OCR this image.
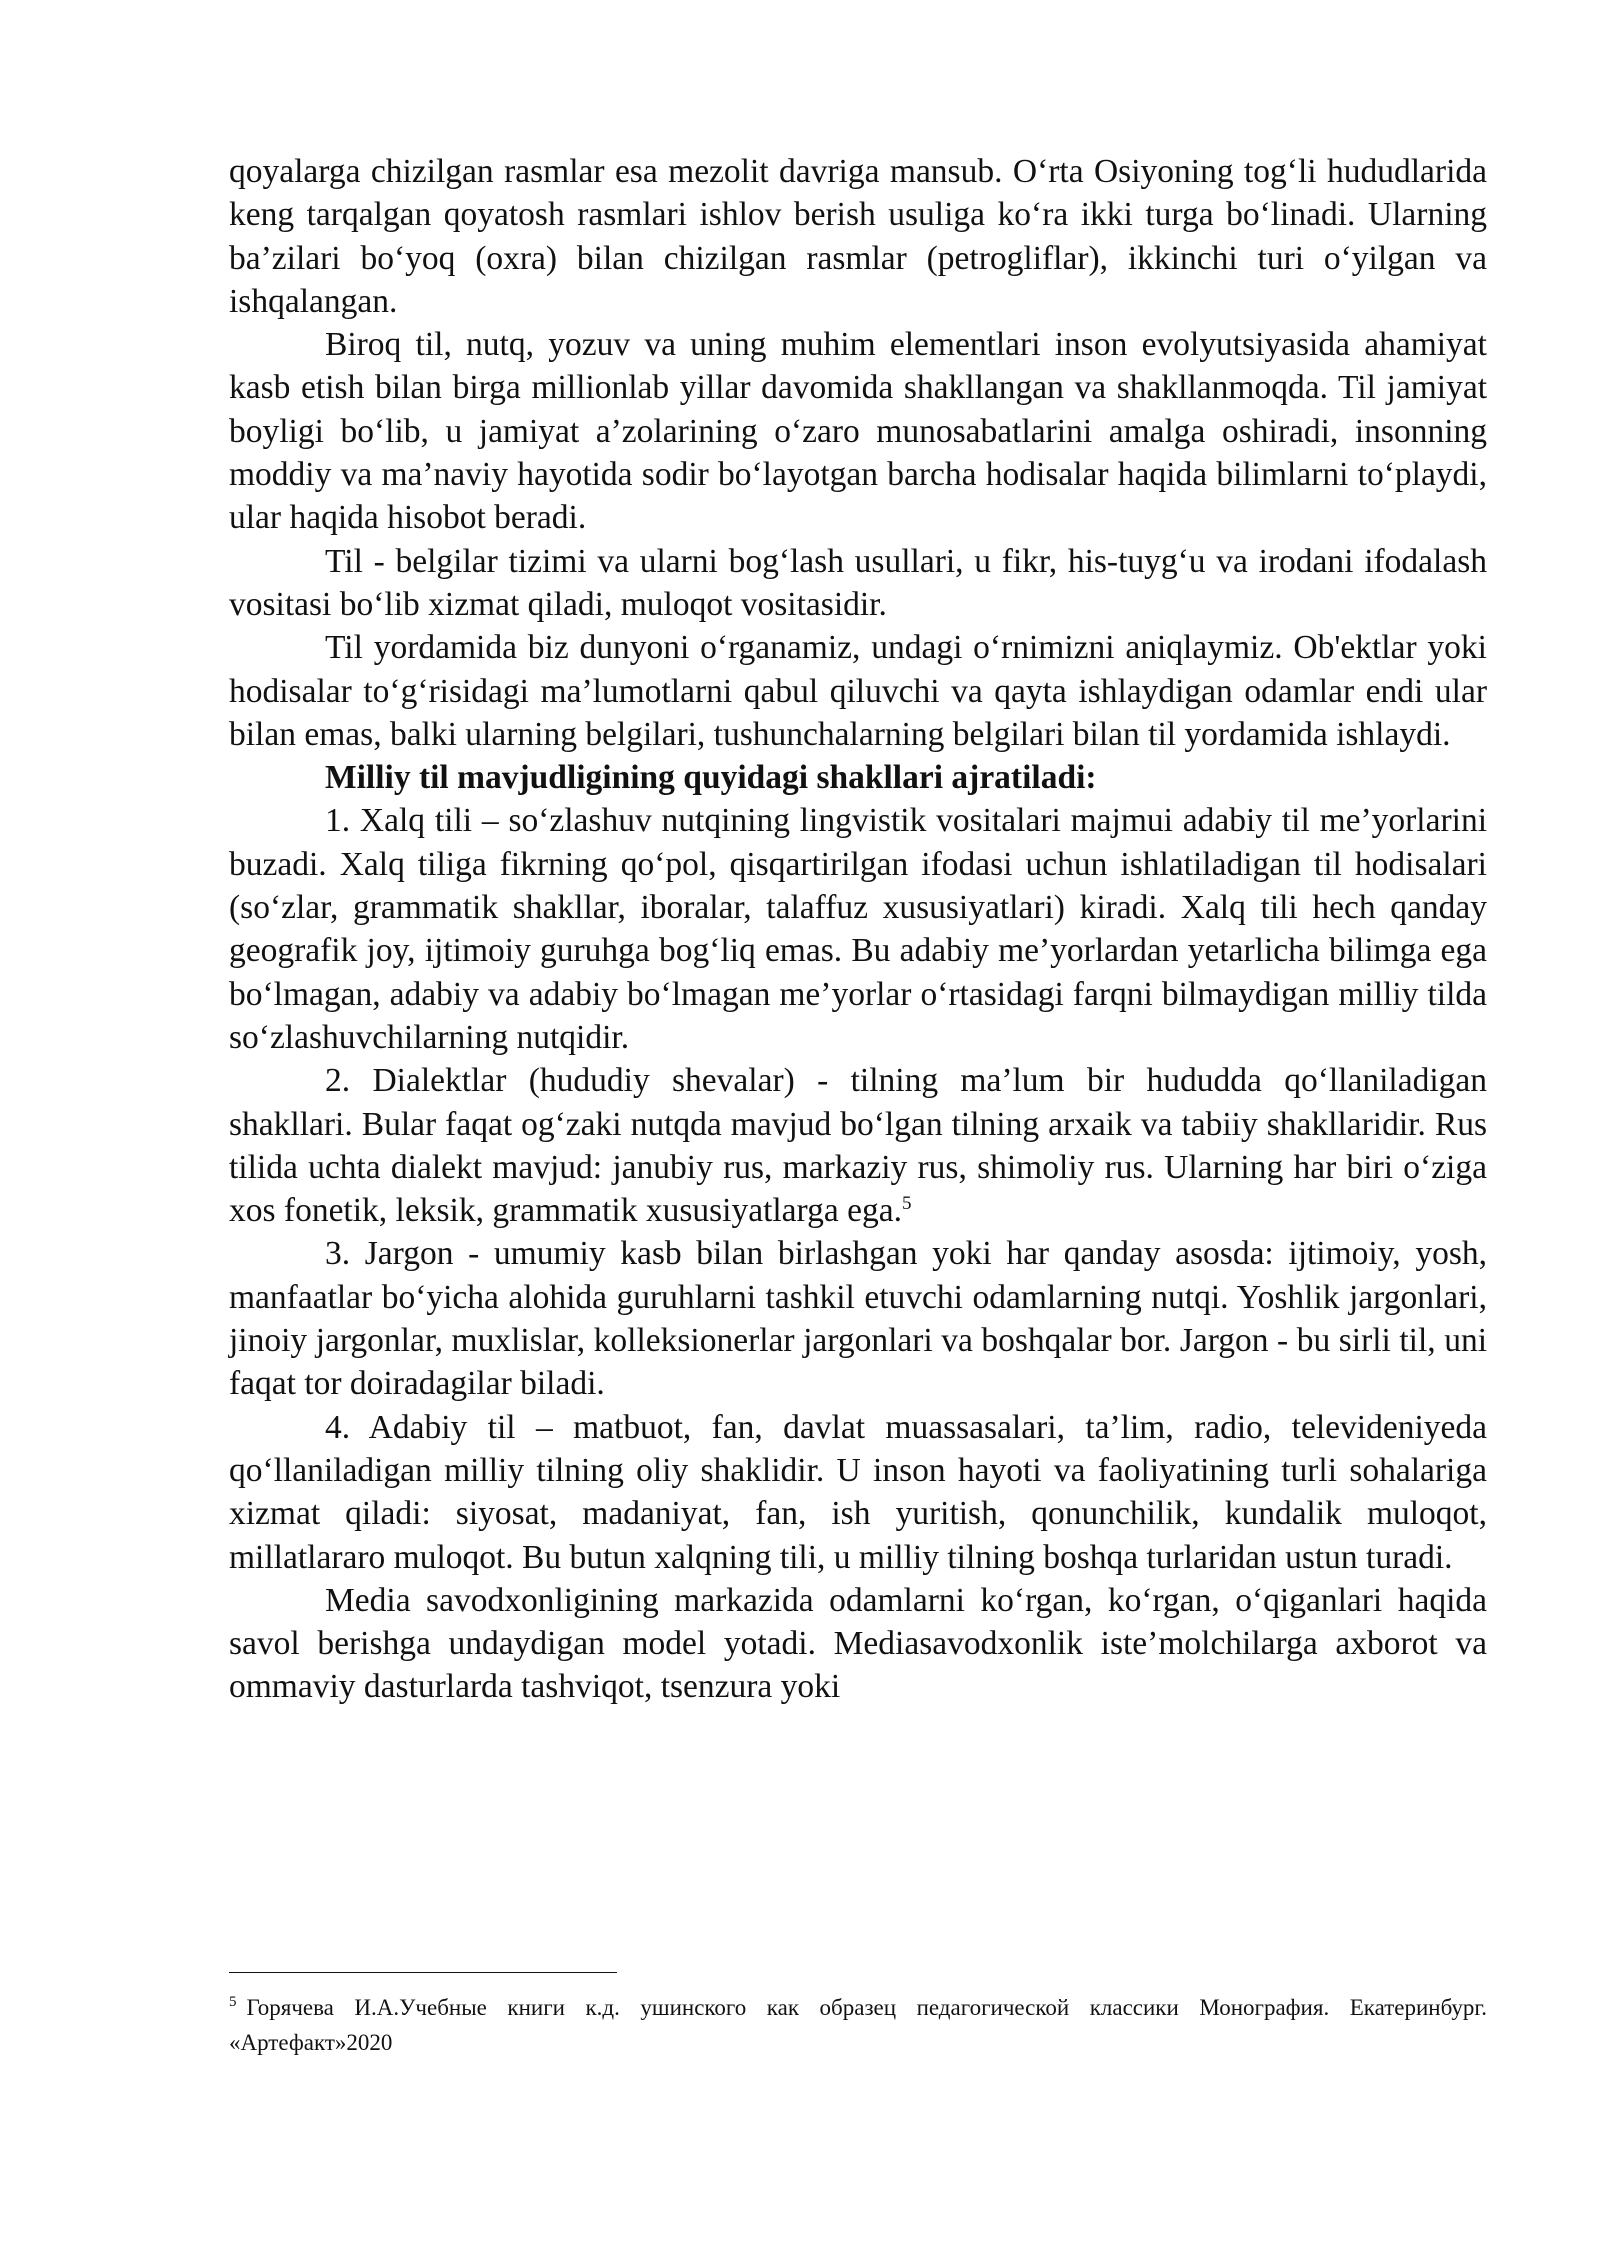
qoyalarga chizilgan rasmlar esa mezolit davriga mansub. O‘rta Osiyoning tog‘li hududlarida keng tarqalgan qoyatosh rasmlari ishlov berish usuliga ko‘ra ikki turga bo‘linadi. Ularning ba’zilari bo‘yoq (oxra) bilan chizilgan rasmlar (petrogliflar), ikkinchi turi o‘yilgan va ishqalangan.

Biroq til, nutq, yozuv va uning muhim elementlari inson evolyutsiyasida ahamiyat kasb etish bilan birga millionlab yillar davomida shakllangan va shakllanmoqda. Til jamiyat boyligi bo‘lib, u jamiyat a’zolarining o‘zaro munosabatlarini amalga oshiradi, insonning moddiy va ma’naviy hayotida sodir bo‘layotgan barcha hodisalar haqida bilimlarni to‘playdi, ular haqida hisobot beradi.

Til - belgilar tizimi va ularni bog‘lash usullari, u fikr, his-tuyg‘u va irodani ifodalash vositasi bo‘lib xizmat qiladi, muloqot vositasidir.

Til yordamida biz dunyoni o‘rganamiz, undagi o‘rnimizni aniqlaymiz. Ob'ektlar yoki hodisalar to‘g‘risidagi ma’lumotlarni qabul qiluvchi va qayta ishlaydigan odamlar endi ular bilan emas, balki ularning belgilari, tushunchalarning belgilari bilan til yordamida ishlaydi.

Milliy til mavjudligining quyidagi shakllari ajratiladi:

1. Xalq tili – so‘zlashuv nutqining lingvistik vositalari majmui adabiy til me’yorlarini buzadi. Xalq tiliga fikrning qo‘pol, qisqartirilgan ifodasi uchun ishlatiladigan til hodisalari (so‘zlar, grammatik shakllar, iboralar, talaffuz xususiyatlari) kiradi. Xalq tili hech qanday geografik joy, ijtimoiy guruhga bog‘liq emas. Bu adabiy me’yorlardan yetarlicha bilimga ega bo‘lmagan, adabiy va adabiy bo‘lmagan me’yorlar o‘rtasidagi farqni bilmaydigan milliy tilda so‘zlashuvchilarning nutqidir.

2. Dialektlar (hududiy shevalar) - tilning ma’lum bir hududda qo‘llaniladigan shakllari. Bular faqat og‘zaki nutqda mavjud bo‘lgan tilning arxaik va tabiiy shakllaridir. Rus tilida uchta dialekt mavjud: janubiy rus, markaziy rus, shimoliy rus. Ularning har biri o‘ziga xos fonetik, leksik, grammatik xususiyatlarga ega.$^5$

3. Jargon - umumiy kasb bilan birlashgan yoki har qanday asosda: ijtimoiy, yosh, manfaatlar bo‘yicha alohida guruhlarni tashkil etuvchi odamlarning nutqi. Yoshlik jargonlari, jinoiy jargonlar, muxlislar, kolleksionerlar jargonlari va boshqalar bor. Jargon - bu sirli til, uni faqat tor doiradagilar biladi.

4. Adabiy til – matbuot, fan, davlat muassasalari, ta’lim, radio, televideniyeda qo‘llaniladigan milliy tilning oliy shaklidir. U inson hayoti va faoliyatining turli sohalariga xizmat qiladi: siyosat, madaniyat, fan, ish yuritish, qonunchilik, kundalik muloqot, millatlararo muloqot. Bu butun xalqning tili, u milliy tilning boshqa turlaridan ustun turadi.

Media savodxonligining markazida odamlarni ko‘rgan, ko‘rgan, o‘qiganlari haqida savol berishga undaydigan model yotadi. Mediasavodxonlik iste’molchilarga axborot va ommaviy dasturlarda tashviqot, tsenzura yoki

$^5$ Горячева И.А.Учебные книги к.д. ушинского как образец педагогической классики Монография. Екатеринбург. «Артефакт»2020
